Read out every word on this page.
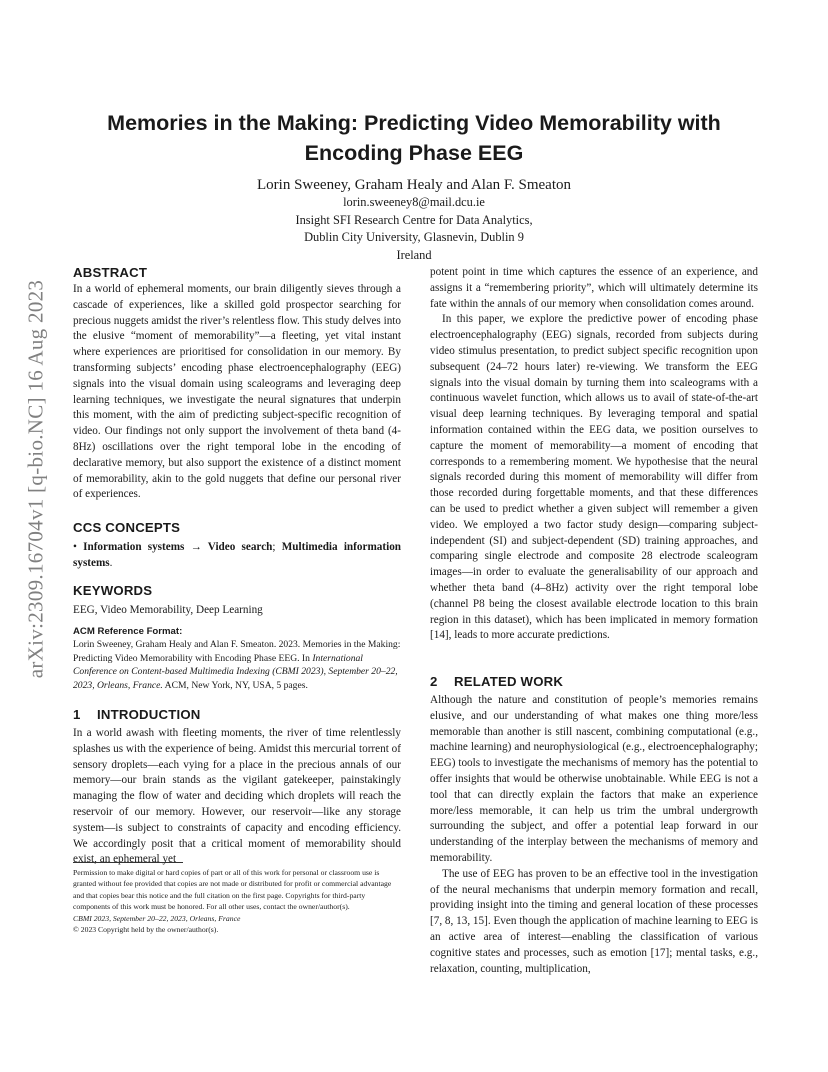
Memories in the Making: Predicting Video Memorability with
Encoding Phase EEG
Lorin Sweeney, Graham Healy and Alan F. Smeaton
lorin.sweeney8@mail.dcu.ie
Insight SFI Research Centre for Data Analytics,
Dublin City University, Glasnevin, Dublin 9
Ireland
arXiv:2309.16704v1 [q-bio.NC] 16 Aug 2023
ABSTRACT

In a world of ephemeral moments, our brain diligently sieves through a cascade of experiences, like a skilled gold prospector searching for precious nuggets amidst the river’s relentless flow. This study delves into the elusive “moment of memorability”—a fleeting, yet vital instant where experiences are prioritised for consolidation in our memory. By transforming subjects’ encoding phase electroencephalography (EEG) signals into the visual domain using scaleograms and leveraging deep learning techniques, we investigate the neural signatures that underpin this moment, with the aim of predicting subject-specific recognition of video. Our findings not only support the involvement of theta band (4-8Hz) oscillations over the right temporal lobe in the encoding of declarative memory, but also support the existence of a distinct moment of memorability, akin to the gold nuggets that define our personal river of experiences.

CCS CONCEPTS

• Information systems → Video search; Multimedia information systems.

KEYWORDS

EEG, Video Memorability, Deep Learning

ACM Reference Format:

Lorin Sweeney, Graham Healy and Alan F. Smeaton. 2023. Memories in the Making: Predicting Video Memorability with Encoding Phase EEG. In International Conference on Content-based Multimedia Indexing (CBMI 2023), September 20–22, 2023, Orleans, France. ACM, New York, NY, USA, 5 pages.

1 INTRODUCTION

In a world awash with fleeting moments, the river of time relentlessly splashes us with the experience of being. Amidst this mercurial torrent of sensory droplets—each vying for a place in the precious annals of our memory—our brain stands as the vigilant gatekeeper, painstakingly managing the flow of water and deciding which droplets will reach the reservoir of our memory. However, our reservoir—like any storage system—is subject to constraints of capacity and encoding efficiency. We accordingly posit that a critical moment of memorability should exist, an ephemeral yet

Permission to make digital or hard copies of part or all of this work for personal or classroom use is granted without fee provided that copies are not made or distributed for profit or commercial advantage and that copies bear this notice and the full citation on the first page. Copyrights for third-party components of this work must be honored. For all other uses, contact the owner/author(s).
CBMI 2023, September 20–22, 2023, Orleans, France
© 2023 Copyright held by the owner/author(s).

potent point in time which captures the essence of an experience, and assigns it a “remembering priority”, which will ultimately determine its fate within the annals of our memory when consolidation comes around.

In this paper, we explore the predictive power of encoding phase electroencephalography (EEG) signals, recorded from subjects during video stimulus presentation, to predict subject specific recognition upon subsequent (24–72 hours later) re-viewing. We transform the EEG signals into the visual domain by turning them into scaleograms with a continuous wavelet function, which allows us to avail of state-of-the-art visual deep learning techniques. By leveraging temporal and spatial information contained within the EEG data, we position ourselves to capture the moment of memorability—a moment of encoding that corresponds to a remembering moment. We hypothesise that the neural signals recorded during this moment of memorability will differ from those recorded during forgettable moments, and that these differences can be used to predict whether a given subject will remember a given video. We employed a two factor study design—comparing subject-independent (SI) and subject-dependent (SD) training approaches, and comparing single electrode and composite 28 electrode scaleogram images—in order to evaluate the generalisability of our approach and whether theta band (4–8Hz) activity over the right temporal lobe (channel P8 being the closest available electrode location to this brain region in this dataset), which has been implicated in memory formation [14], leads to more accurate predictions.

2 RELATED WORK

Although the nature and constitution of people’s memories remains elusive, and our understanding of what makes one thing more/less memorable than another is still nascent, combining computational (e.g., machine learning) and neurophysiological (e.g., electroencephalography; EEG) tools to investigate the mechanisms of memory has the potential to offer insights that would be otherwise unobtainable. While EEG is not a tool that can directly explain the factors that make an experience more/less memorable, it can help us trim the umbral undergrowth surrounding the subject, and offer a potential leap forward in our understanding of the interplay between the mechanisms of memory and memorability.

The use of EEG has proven to be an effective tool in the investigation of the neural mechanisms that underpin memory formation and recall, providing insight into the timing and general location of these processes [7, 8, 13, 15]. Even though the application of machine learning to EEG is an active area of interest—enabling the classification of various cognitive states and processes, such as emotion [17]; mental tasks, e.g., relaxation, counting, multiplication,
